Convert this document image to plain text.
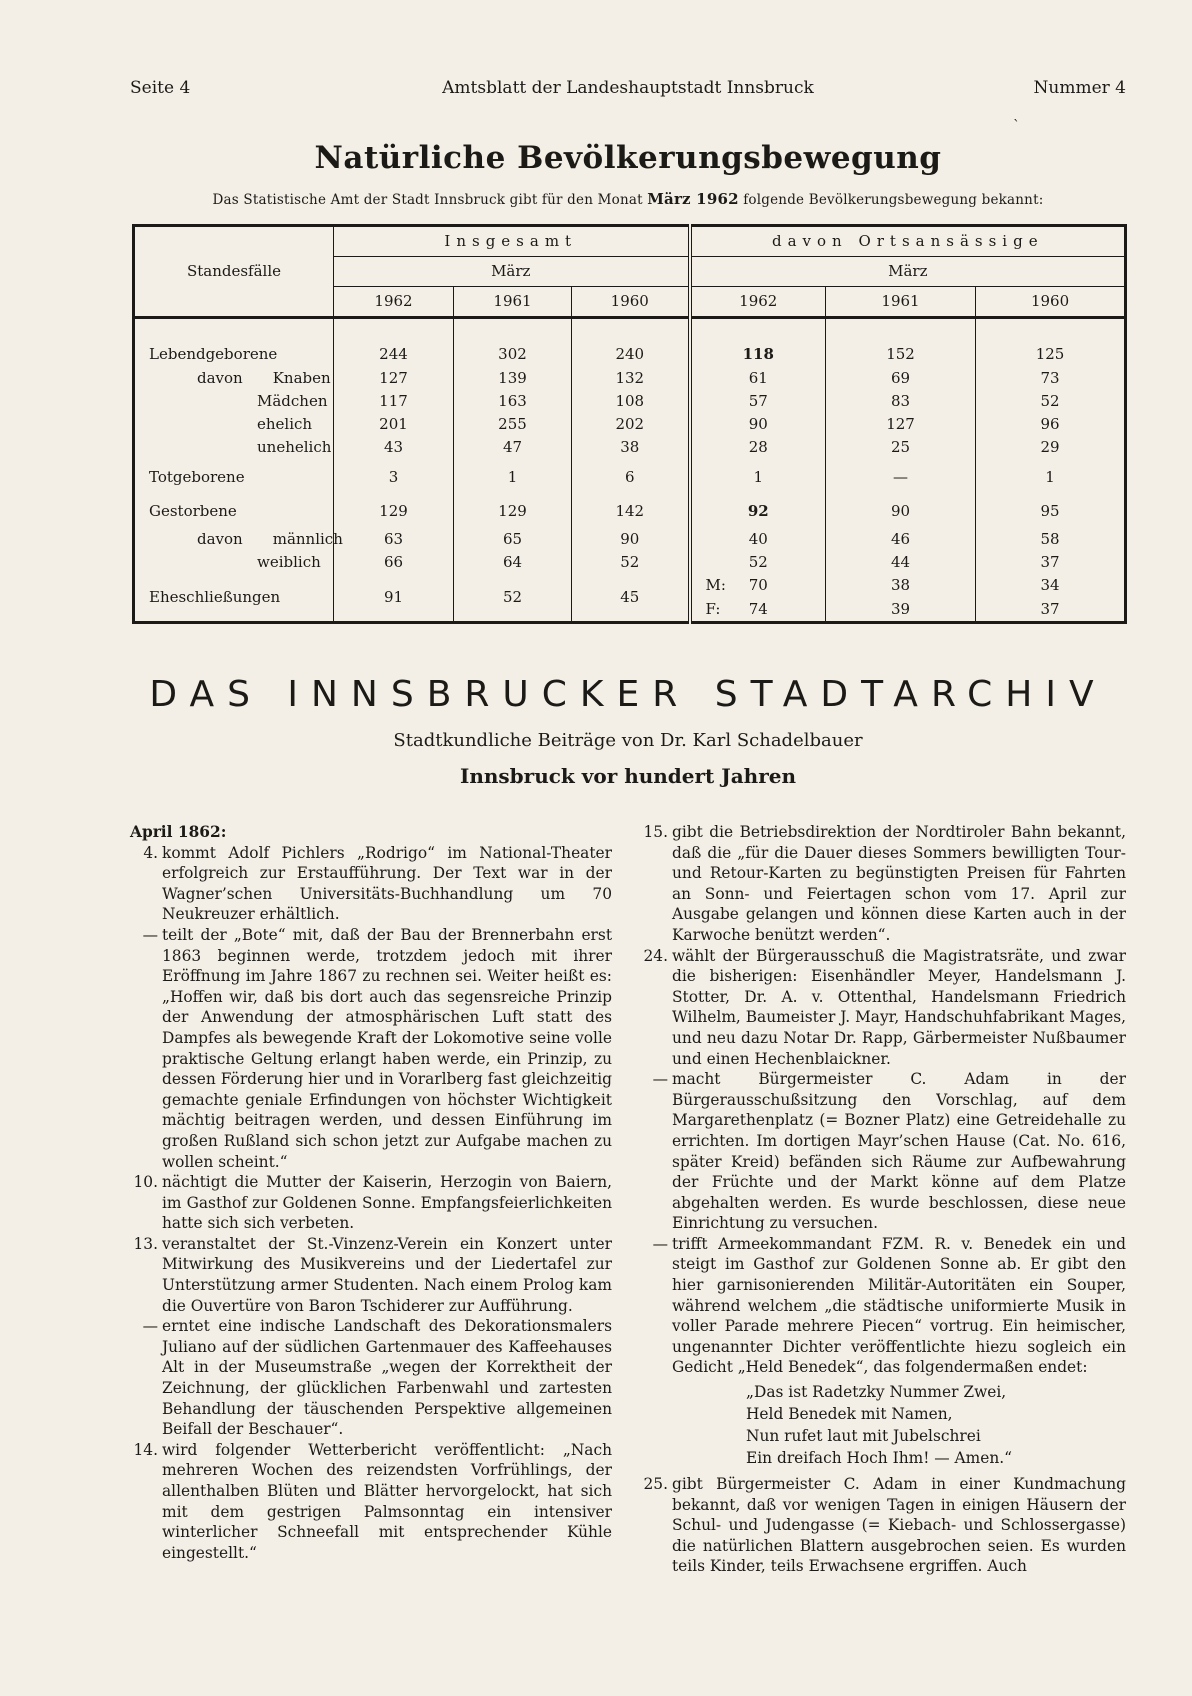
Amtsblatt der Landeshauptstadt Innsbruck
Seite 4	Nummer 4
ˋ
Natürliche Bevölkerungsbewegung
Das Statistische Amt der Stadt Innsbruck gibt für den Monat März 1962 folgende Bevölkerungsbewegung bekannt:
Standesfälle	Insgesamt			davon Ortsansässige		
	März			März		
	1962	1961	1960	1962	1961	1960

Lebendgeborene	244	302	240	118	152	125
davon Knaben	127	139	132	61	69	73
Mädchen	117	163	108	57	83	52
ehelich	201	255	202	90	127	96
unehelich	43	47	38	28	25	29
Totgeborene	3	1	6	1	—	1
Gestorbene	129	129	142	92	90	95
davon männlich	63	65	90	40	46	58
weiblich	66	64	52	52	44	37
Eheschließungen	91	52	45	M: 70	38	34

				F: 74	39	37
DAS INNSBRUCKER STADTARCHIV
Stadtkundliche Beiträge von Dr. Karl Schadelbauer
Innsbruck vor hundert Jahren
April 1862:
4. kommt Adolf Pichlers „Rodrigo“ im National-Theater erfolgreich zur Erstaufführung. Der Text war in der Wagner’schen Universitäts-Buchhandlung um 70 Neukreuzer erhältlich.
— teilt der „Bote“ mit, daß der Bau der Brennerbahn erst 1863 beginnen werde, trotzdem jedoch mit ihrer Eröffnung im Jahre 1867 zu rechnen sei. Weiter heißt es: „Hoffen wir, daß bis dort auch das segensreiche Prinzip der Anwendung der atmosphärischen Luft statt des Dampfes als bewegende Kraft der Lokomotive seine volle praktische Geltung erlangt haben werde, ein Prinzip, zu dessen Förderung hier und in Vorarlberg fast gleichzeitig gemachte geniale Erfindungen von höchster Wichtigkeit mächtig beitragen werden, und dessen Einführung im großen Rußland sich schon jetzt zur Aufgabe machen zu wollen scheint.“
10. nächtigt die Mutter der Kaiserin, Herzogin von Baiern, im Gasthof zur Goldenen Sonne. Empfangsfeierlichkeiten hatte sich sich verbeten.
13. veranstaltet der St.-Vinzenz-Verein ein Konzert unter Mitwirkung des Musikvereins und der Liedertafel zur Unterstützung armer Studenten. Nach einem Prolog kam die Ouvertüre von Baron Tschiderer zur Aufführung.
— erntet eine indische Landschaft des Dekorationsmalers Juliano auf der südlichen Gartenmauer des Kaffeehauses Alt in der Museumstraße „wegen der Korrektheit der Zeichnung, der glücklichen Farbenwahl und zartesten Behandlung der täuschenden Perspektive allgemeinen Beifall der Beschauer“.
14. wird folgender Wetterbericht veröffentlicht: „Nach mehreren Wochen des reizendsten Vorfrühlings, der allenthalben Blüten und Blätter hervorgelockt, hat sich mit dem gestrigen Palmsonntag ein intensiver winterlicher Schneefall mit entsprechender Kühle eingestellt.“
15. gibt die Betriebsdirektion der Nordtiroler Bahn bekannt, daß die „für die Dauer dieses Sommers bewilligten Tour- und Retour-Karten zu begünstigten Preisen für Fahrten an Sonn- und Feiertagen schon vom 17. April zur Ausgabe gelangen und können diese Karten auch in der Karwoche benützt werden“.
24. wählt der Bürgerausschuß die Magistratsräte, und zwar die bisherigen: Eisenhändler Meyer, Handelsmann J. Stotter, Dr. A. v. Ottenthal, Handelsmann Friedrich Wilhelm, Baumeister J. Mayr, Handschuhfabrikant Mages, und neu dazu Notar Dr. Rapp, Gärbermeister Nußbaumer und einen Hechenblaickner.
— macht Bürgermeister C. Adam in der Bürgerausschußsitzung den Vorschlag, auf dem Margarethenplatz (= Bozner Platz) eine Getreidehalle zu errichten. Im dortigen Mayr’schen Hause (Cat. No. 616, später Kreid) befänden sich Räume zur Aufbewahrung der Früchte und der Markt könne auf dem Platze abgehalten werden. Es wurde beschlossen, diese neue Einrichtung zu versuchen.
— trifft Armeekommandant FZM. R. v. Benedek ein und steigt im Gasthof zur Goldenen Sonne ab. Er gibt den hier garnisonierenden Militär-Autoritäten ein Souper, während welchem „die städtische uniformierte Musik in voller Parade mehrere Piecen“ vortrug. Ein heimischer, ungenannter Dichter veröffentlichte hiezu sogleich ein Gedicht „Held Benedek“, das folgendermaßen endet:
„Das ist Radetzky Nummer Zwei,
Held Benedek mit Namen,
Nun rufet laut mit Jubelschrei
Ein dreifach Hoch Ihm! — Amen.“
25. gibt Bürgermeister C. Adam in einer Kundmachung bekannt, daß vor wenigen Tagen in einigen Häusern der Schul- und Judengasse (= Kiebach- und Schlossergasse) die natürlichen Blattern ausgebrochen seien. Es wurden teils Kinder, teils Erwachsene ergriffen. Auch
